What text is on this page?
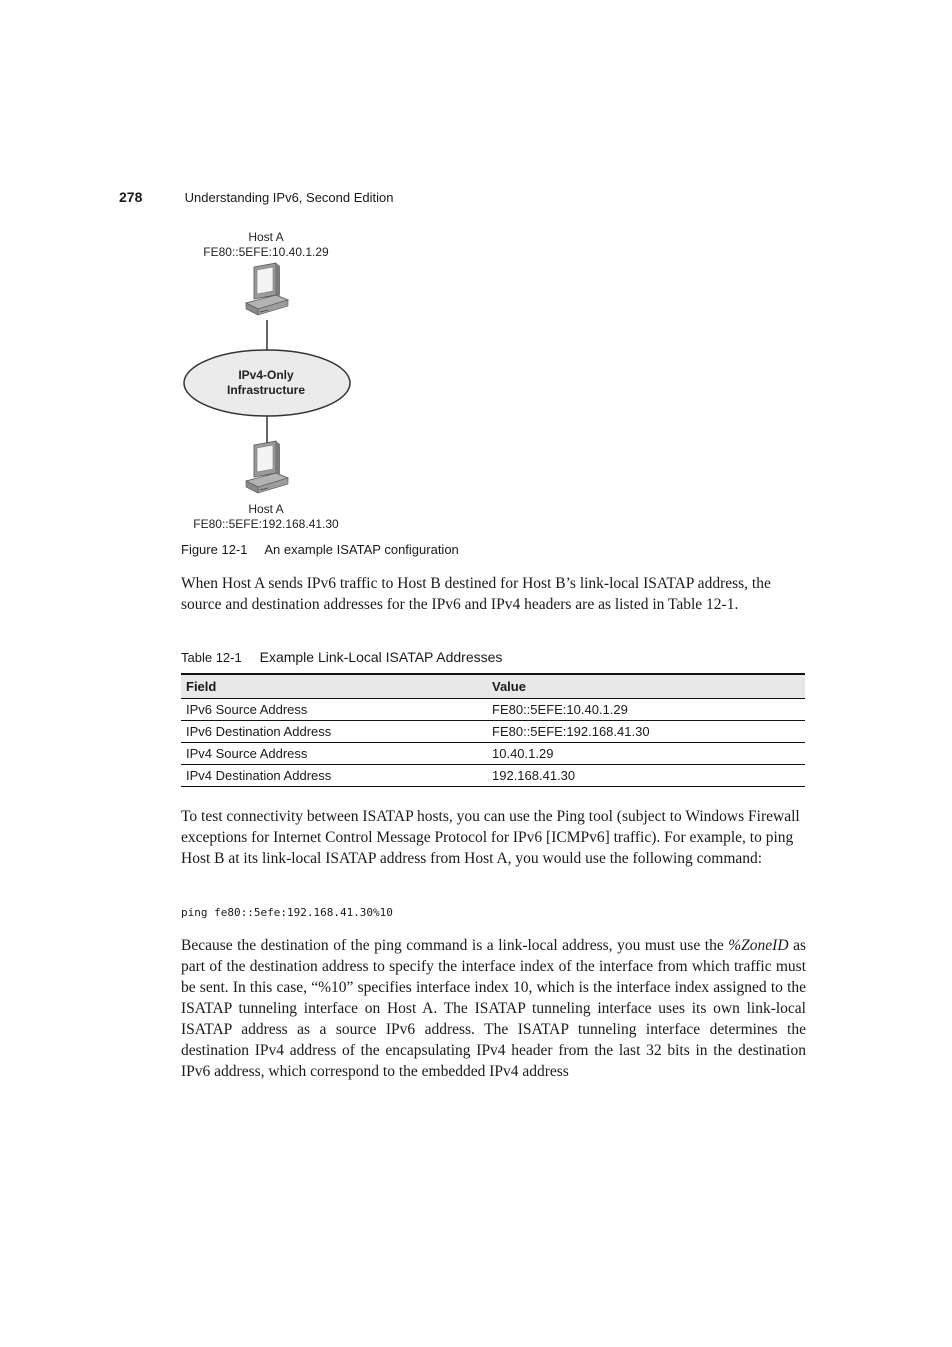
278	Understanding IPv6, Second Edition
Host A
FE80::5EFE:10.40.1.29
IPv4-Only
Infrastructure
Host A
FE80::5EFE:192.168.41.30
Figure 12-1 An example ISATAP configuration

When Host A sends IPv6 traffic to Host B destined for Host B’s link-local ISATAP address, the source and destination addresses for the IPv6 and IPv4 headers are as listed in Table 12-1.

Table 12-1 Example Link-Local ISATAP Addresses
Field	Value
IPv6 Source Address	FE80::5EFE:10.40.1.29
IPv6 Destination Address	FE80::5EFE:192.168.41.30
IPv4 Source Address	10.40.1.29
IPv4 Destination Address	192.168.41.30

To test connectivity between ISATAP hosts, you can use the Ping tool (subject to Windows Firewall exceptions for Internet Control Message Protocol for IPv6 [ICMPv6] traffic). For example, to ping Host B at its link-local ISATAP address from Host A, you would use the following command:

ping fe80::5efe:192.168.41.30%10

Because the destination of the ping command is a link-local address, you must use the %ZoneID as part of the destination address to specify the interface index of the interface from which traffic must be sent. In this case, “%10” specifies interface index 10, which is the interface index assigned to the ISATAP tunneling interface on Host A. The ISATAP tunneling interface uses its own link-local ISATAP address as a source IPv6 address. The ISATAP tunneling interface determines the destination IPv4 address of the encapsulating IPv4 header from the last 32 bits in the destination IPv6 address, which correspond to the embedded IPv4 address
